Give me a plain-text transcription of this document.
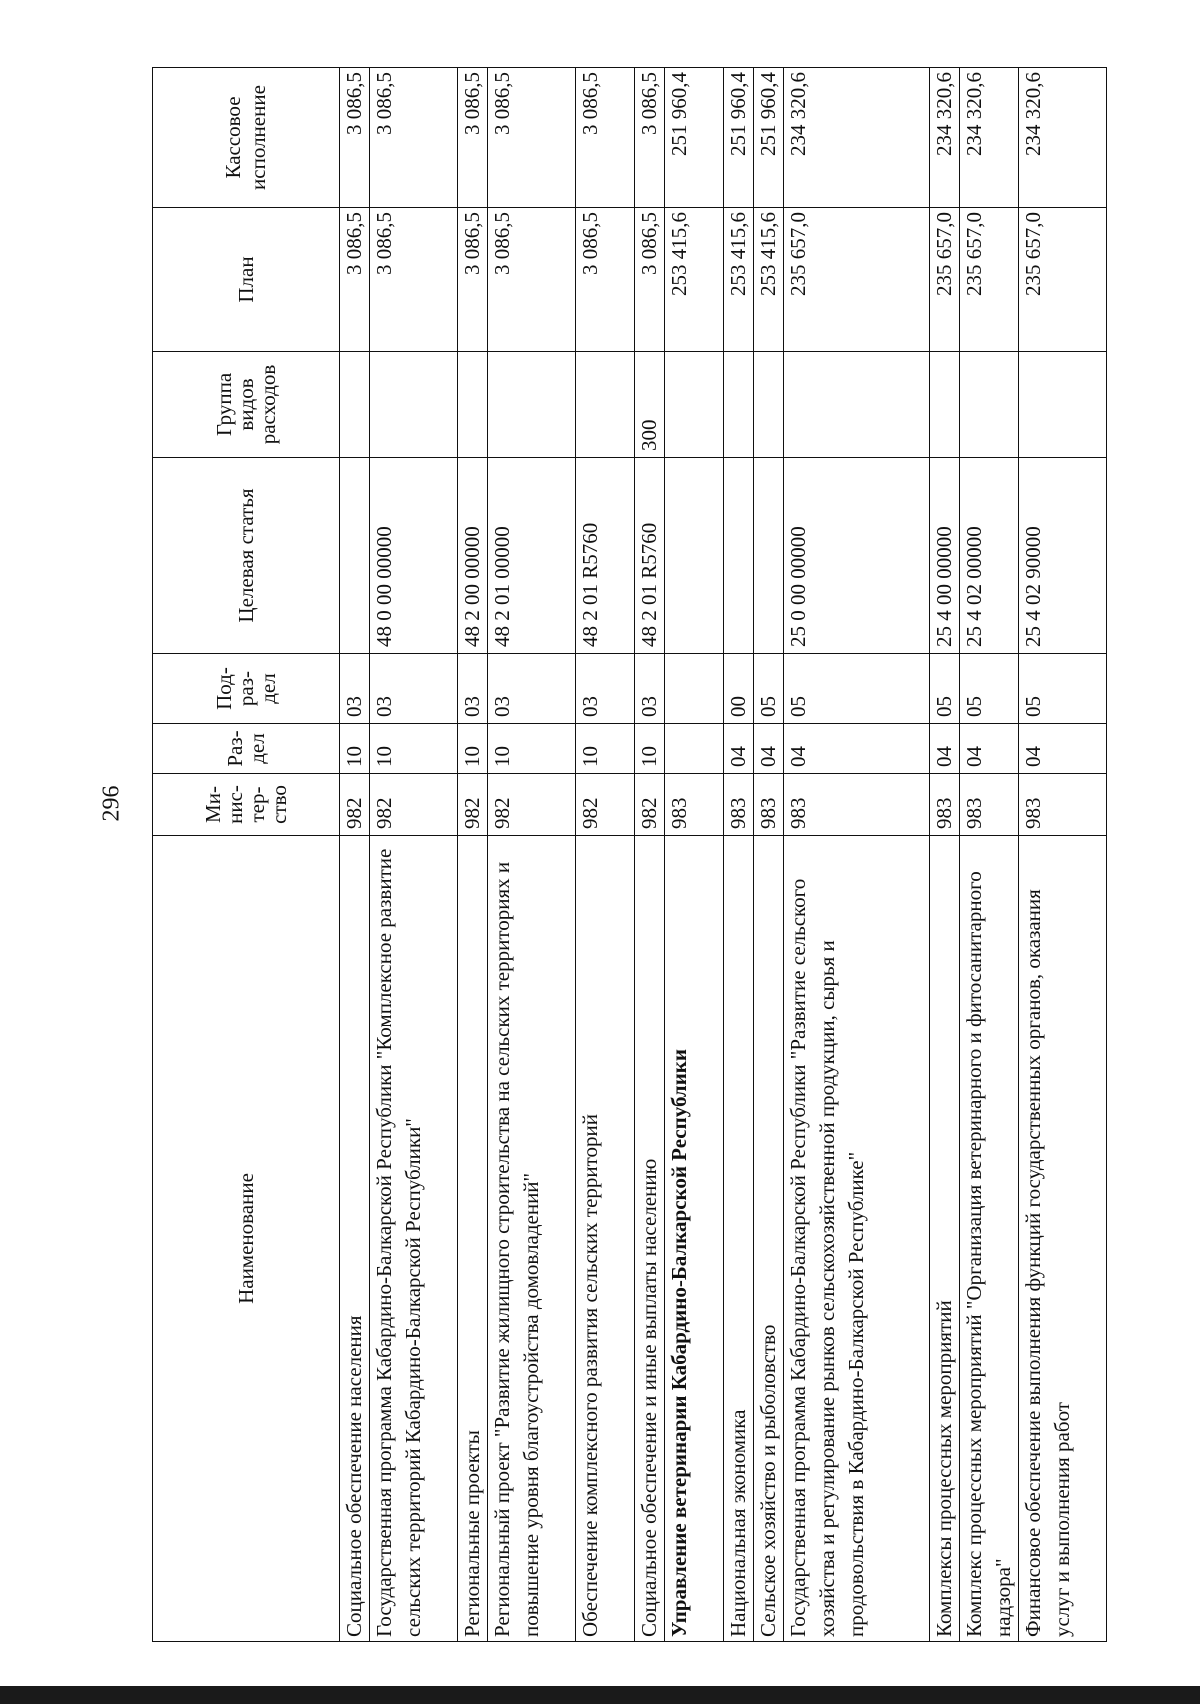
296
Наименование	Ми-нис-тер-ство	Раз-дел	Под-раз-дел	Целевая статья	Группа видов расходов	План	Кассовое исполнение
Социальное обеспечение населения	982	10	03			3 086,5	3 086,5
Государственная программа Кабардино-Балкарской Республики "Комплексное развитие сельских территорий Кабардино-Балкарской Республики"	982	10	03	48 0 00 00000		3 086,5	3 086,5
Региональные проекты	982	10	03	48 2 00 00000		3 086,5	3 086,5
Региональный проект "Развитие жилищного строительства на сельских территориях и повышение уровня благоустройства домовладений"	982	10	03	48 2 01 00000		3 086,5	3 086,5
Обеспечение комплексного развития сельских территорий	982	10	03	48 2 01 R5760		3 086,5	3 086,5
Социальное обеспечение и иные выплаты населению	982	10	03	48 2 01 R5760	300	3 086,5	3 086,5
Управление ветеринарии Кабардино-Балкарской Республики	983					253 415,6	251 960,4
Национальная экономика	983	04	00			253 415,6	251 960,4
Сельское хозяйство и рыболовство	983	04	05			253 415,6	251 960,4
Государственная программа Кабардино-Балкарской Республики "Развитие сельского хозяйства и регулирование рынков сельскохозяйственной продукции, сырья и продовольствия в Кабардино-Балкарской Республике"	983	04	05	25 0 00 00000		235 657,0	234 320,6
Комплексы процессных мероприятий	983	04	05	25 4 00 00000		235 657,0	234 320,6
Комплекс процессных мероприятий "Организация ветеринарного и фитосанитарного надзора"	983	04	05	25 4 02 00000		235 657,0	234 320,6
Финансовое обеспечение выполнения функций государственных органов, оказания услуг и выполнения работ	983	04	05	25 4 02 90000		235 657,0	234 320,6
